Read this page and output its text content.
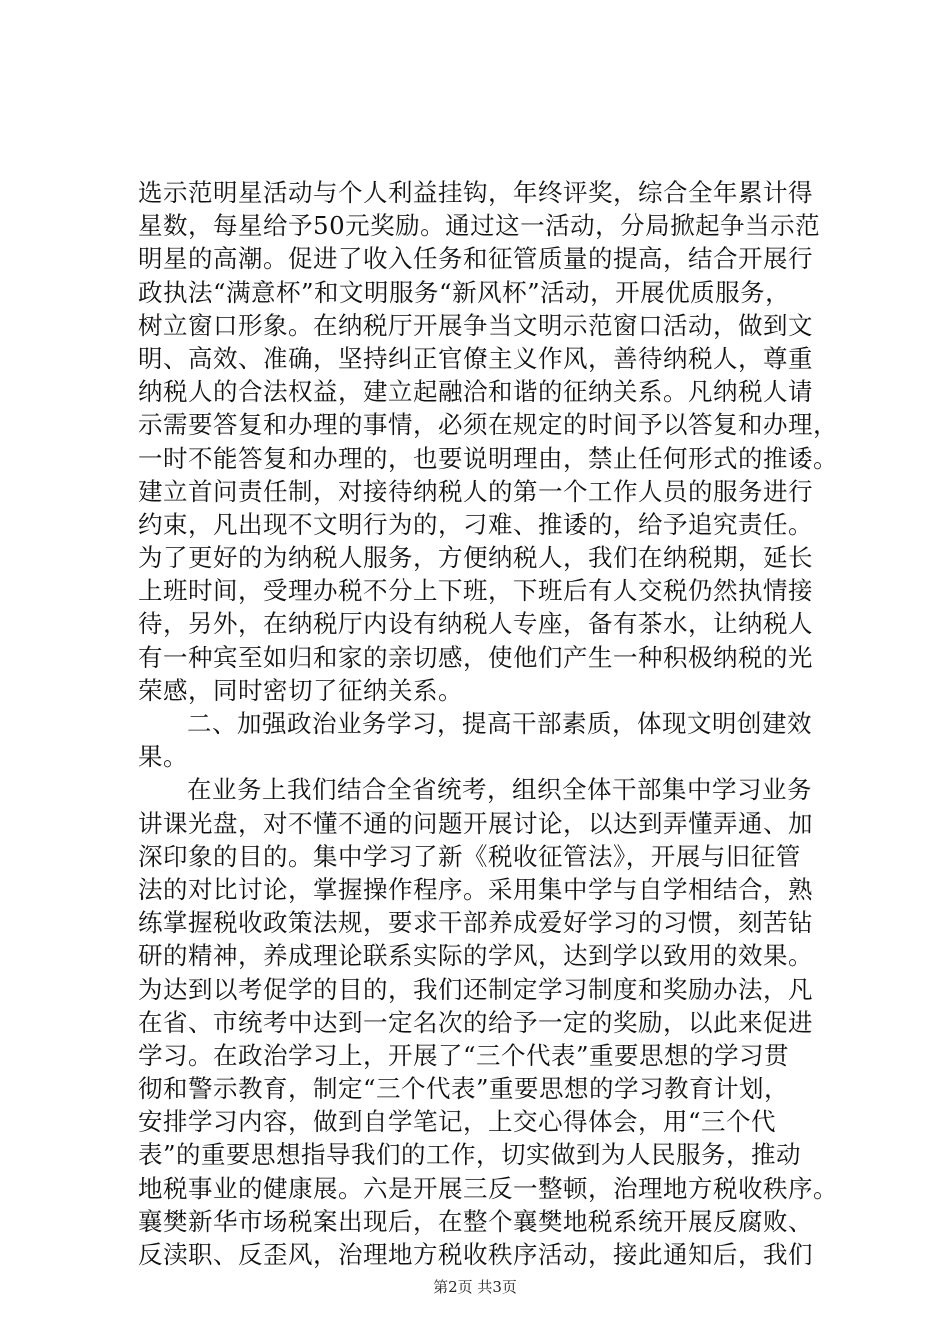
选示范明星活动与个人利益挂钩，年终评奖，综合全年累计得
星数，每星给予50元奖励。通过这一活动，分局掀起争当示范
明星的高潮。促进了收入任务和征管质量的提高，结合开展行
政执法“满意杯”和文明服务“新风杯”活动，开展优质服务，
树立窗口形象。在纳税厅开展争当文明示范窗口活动，做到文
明、高效、准确，坚持纠正官僚主义作风，善待纳税人，尊重
纳税人的合法权益，建立起融洽和谐的征纳关系。凡纳税人请
示需要答复和办理的事情，必须在规定的时间予以答复和办理，
一时不能答复和办理的，也要说明理由，禁止任何形式的推诿。
建立首问责任制，对接待纳税人的第一个工作人员的服务进行
约束，凡出现不文明行为的，刁难、推诿的，给予追究责任。
为了更好的为纳税人服务，方便纳税人，我们在纳税期，延长
上班时间，受理办税不分上下班，下班后有人交税仍然执情接
待，另外，在纳税厅内设有纳税人专座，备有茶水，让纳税人
有一种宾至如归和家的亲切感，使他们产生一种积极纳税的光
荣感，同时密切了征纳关系。
二、加强政治业务学习，提高干部素质，体现文明创建效
果。
在业务上我们结合全省统考，组织全体干部集中学习业务
讲课光盘，对不懂不通的问题开展讨论，以达到弄懂弄通、加
深印象的目的。集中学习了新《税收征管法》，开展与旧征管
法的对比讨论，掌握操作程序。采用集中学与自学相结合，熟
练掌握税收政策法规，要求干部养成爱好学习的习惯，刻苦钻
研的精神，养成理论联系实际的学风，达到学以致用的效果。
为达到以考促学的目的，我们还制定学习制度和奖励办法，凡
在省、市统考中达到一定名次的给予一定的奖励，以此来促进
学习。在政治学习上，开展了“三个代表”重要思想的学习贯
彻和警示教育，制定“三个代表”重要思想的学习教育计划，
安排学习内容，做到自学笔记，上交心得体会，用“三个代
表”的重要思想指导我们的工作，切实做到为人民服务，推动
地税事业的健康展。六是开展三反一整顿，治理地方税收秩序。
襄樊新华市场税案出现后，在整个襄樊地税系统开展反腐败、
反渎职、反歪风，治理地方税收秩序活动，接此通知后，我们
第2页 共3页
